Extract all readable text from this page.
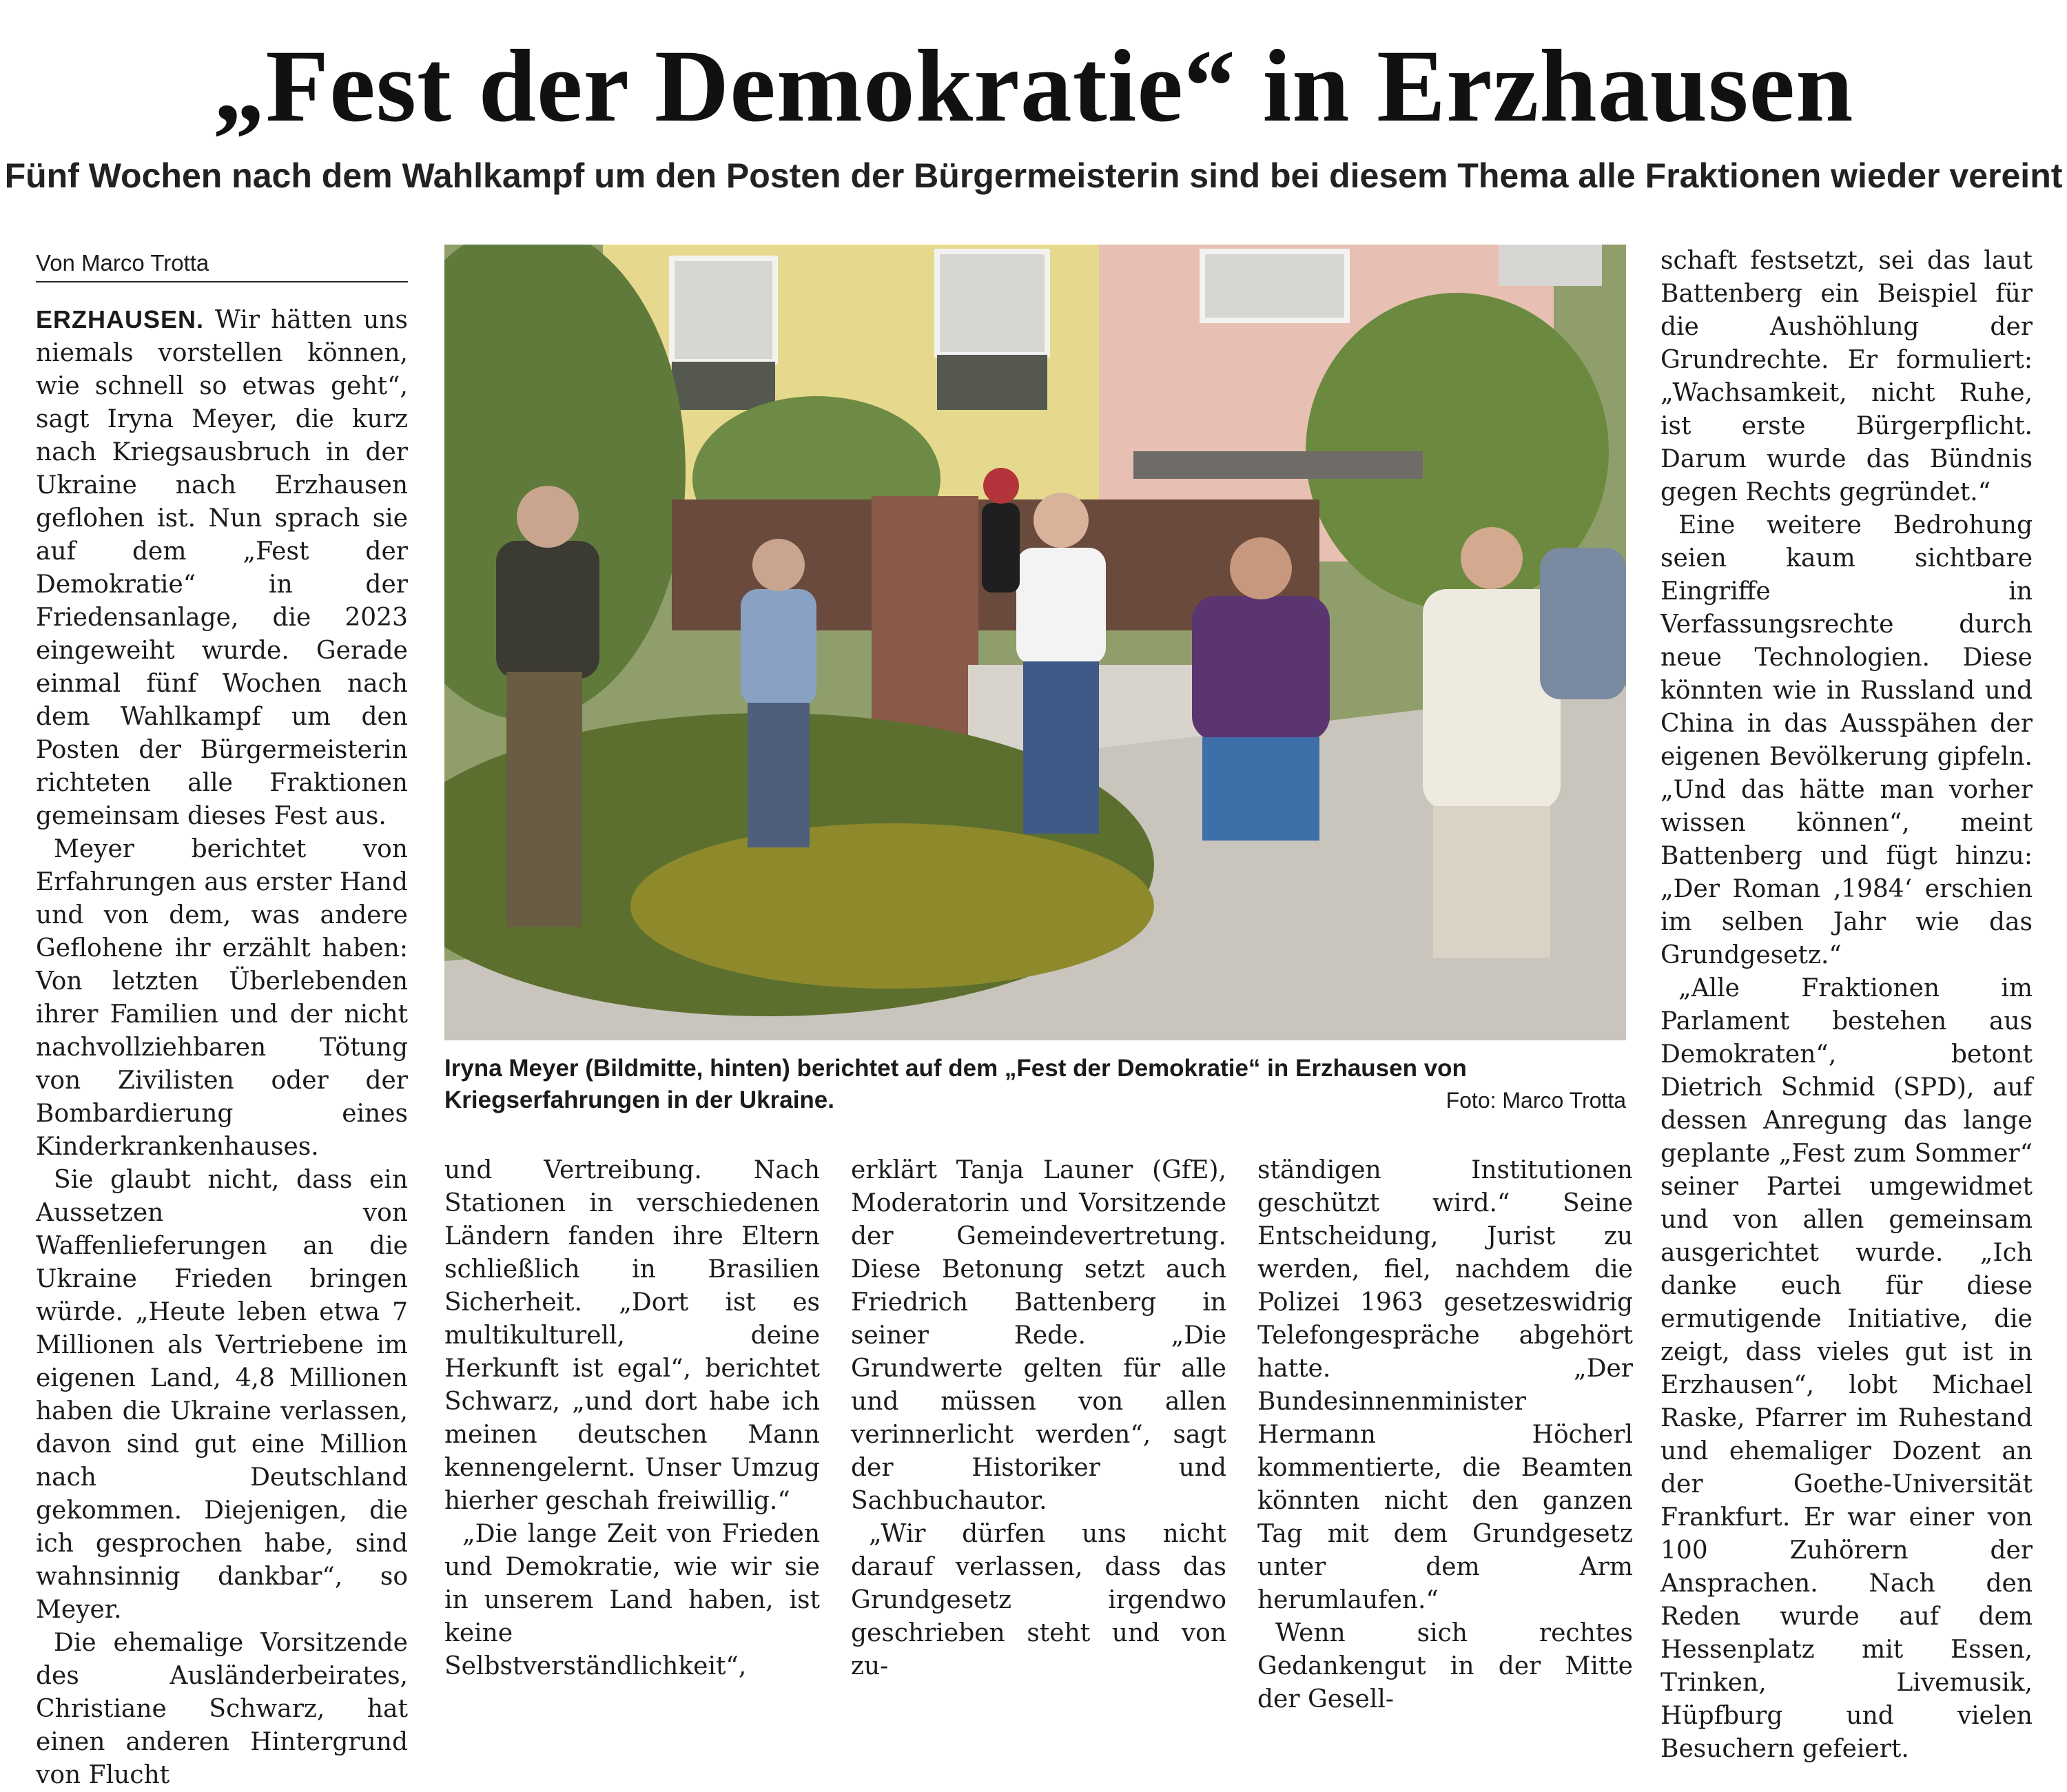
„Fest der Demokratie“ in Erzhausen
Fünf Wochen nach dem Wahlkampf um den Posten der Bürgermeisterin sind bei diesem Thema alle Fraktionen wieder vereint
Von Marco Trotta

ERZHAUSEN. Wir hätten uns niemals vorstellen können, wie schnell so etwas geht“, sagt Iryna Meyer, die kurz nach Kriegsausbruch in der Ukraine nach Erzhausen geflohen ist. Nun sprach sie auf dem „Fest der Demokratie“ in der Friedensanlage, die 2023 eingeweiht wurde. Gerade einmal fünf Wochen nach dem Wahlkampf um den Posten der Bürgermeisterin richteten alle Fraktionen gemeinsam dieses Fest aus.

Meyer berichtet von Erfahrungen aus erster Hand und von dem, was andere Geflohene ihr erzählt haben: Von letzten Überlebenden ihrer Familien und der nicht nachvollziehbaren Tötung von Zivilisten oder der Bombardierung eines Kinderkrankenhauses.

Sie glaubt nicht, dass ein Aussetzen von Waffenlieferungen an die Ukraine Frieden bringen würde. „Heute leben etwa 7 Millionen als Vertriebene im eigenen Land, 4,8 Millionen haben die Ukraine verlassen, davon sind gut eine Million nach Deutschland gekommen. Diejenigen, die ich gesprochen habe, sind wahnsinnig dankbar“, so Meyer.

Die ehemalige Vorsitzende des Ausländerbeirates, Christiane Schwarz, hat einen anderen Hintergrund von Flucht

Iryna Meyer (Bildmitte, hinten) berichtet auf dem „Fest der Demokratie“ in Erzhausen von Kriegserfahrungen in der Ukraine.	Foto: Marco Trotta

und Vertreibung. Nach Stationen in verschiedenen Ländern fanden ihre Eltern schließlich in Brasilien Sicherheit. „Dort ist es multikulturell, deine Herkunft ist egal“, berichtet Schwarz, „und dort habe ich meinen deutschen Mann kennengelernt. Unser Umzug hierher geschah freiwillig.“

„Die lange Zeit von Frieden und Demokratie, wie wir sie in unserem Land haben, ist keine Selbstverständlichkeit“,

erklärt Tanja Launer (GfE), Moderatorin und Vorsitzende der Gemeindevertretung. Diese Betonung setzt auch Friedrich Battenberg in seiner Rede. „Die Grundwerte gelten für alle und müssen von allen verinnerlicht werden“, sagt der Historiker und Sachbuchautor.

„Wir dürfen uns nicht darauf verlassen, dass das Grundgesetz irgendwo geschrieben steht und von zu-

ständigen Institutionen geschützt wird.“ Seine Entscheidung, Jurist zu werden, fiel, nachdem die Polizei 1963 gesetzeswidrig Telefongespräche abgehört hatte. „Der Bundesinnenminister Hermann Höcherl kommentierte, die Beamten könnten nicht den ganzen Tag mit dem Grundgesetz unter dem Arm herumlaufen.“

Wenn sich rechtes Gedankengut in der Mitte der Gesell-

schaft festsetzt, sei das laut Battenberg ein Beispiel für die Aushöhlung der Grundrechte. Er formuliert: „Wachsamkeit, nicht Ruhe, ist erste Bürgerpflicht. Darum wurde das Bündnis gegen Rechts gegründet.“

Eine weitere Bedrohung seien kaum sichtbare Eingriffe in Verfassungsrechte durch neue Technologien. Diese könnten wie in Russland und China in das Ausspähen der eigenen Bevölkerung gipfeln. „Und das hätte man vorher wissen können“, meint Battenberg und fügt hinzu: „Der Roman ‚1984‘ erschien im selben Jahr wie das Grundgesetz.“

„Alle Fraktionen im Parlament bestehen aus Demokraten“, betont Dietrich Schmid (SPD), auf dessen Anregung das lange geplante „Fest zum Sommer“ seiner Partei umgewidmet und von allen gemeinsam ausgerichtet wurde. „Ich danke euch für diese ermutigende Initiative, die zeigt, dass vieles gut ist in Erzhausen“, lobt Michael Raske, Pfarrer im Ruhestand und ehemaliger Dozent an der Goethe-Universität Frankfurt. Er war einer von 100 Zuhörern der Ansprachen. Nach den Reden wurde auf dem Hessenplatz mit Essen, Trinken, Livemusik, Hüpfburg und vielen Besuchern gefeiert.
